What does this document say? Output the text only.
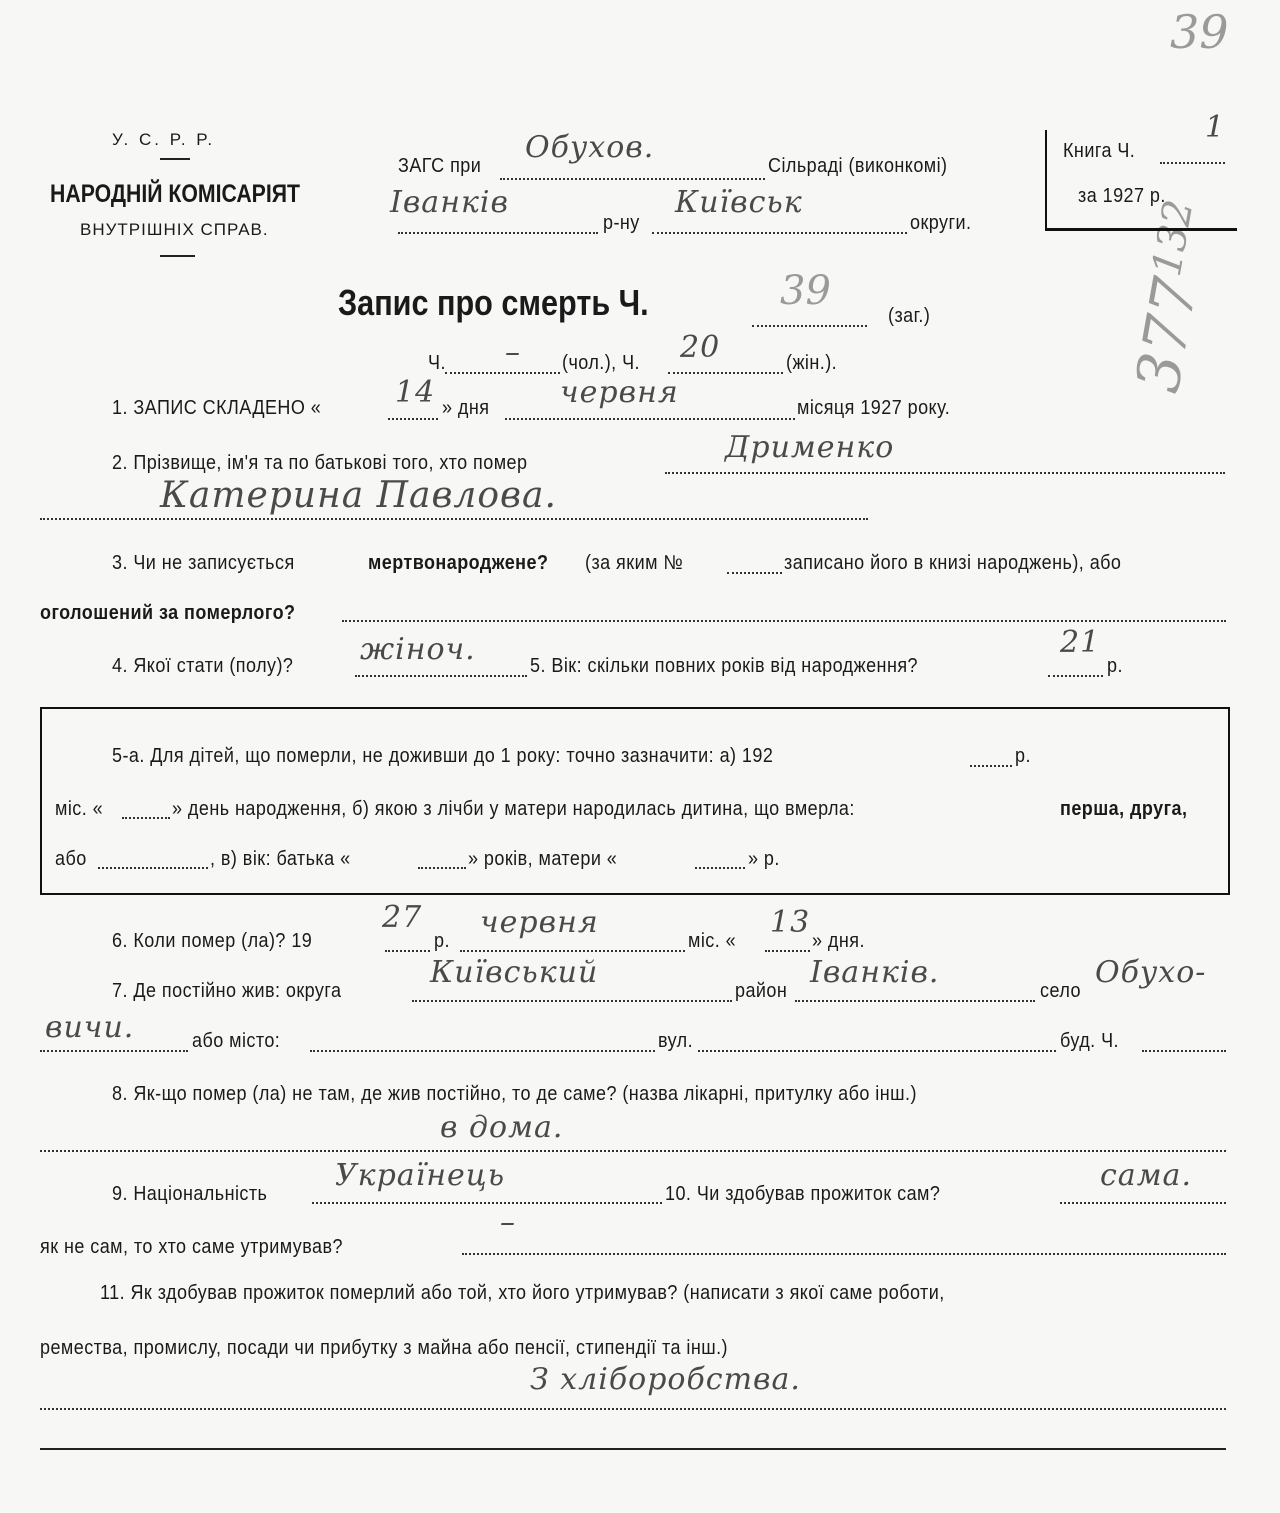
39
132
377
У. С. Р. Р.
НАРОДНІЙ КОМІСАРІЯТ
ВНУТРІШНІХ СПРАВ.
ЗАГС при
Обухов.
Сільраді (виконкомі)
Іванків
р-ну
Київськ
округи.
Книга Ч.
1
за 1927 р.
Запис про смерть Ч.	39
(заг.)
Ч. – (чол.), Ч. 20	(жін.).
1. ЗАПИС СКЛАДЕНО « 14 » дня червня	місяця 1927 року.
2. Прізвище, ім'я та по батькові того, хто помер	Дрименко
Катерина Павлова.
3. Чи не записується	мертвонароджене? (за яким №	записано його в книзі народжень), або
оголошений за померлого?
4. Якої стати (полу)? жіноч.	5. Вік: скільки повних років від народження?
21
р.
5-а. Для дітей, що померли, не доживши до 1 року: точно зазначити: а) 192	р.
міс. «	» день народження, б) якою з лічби у матери народилась дитина, що вмерла:	перша, друга,
або	, в) вік: батька «	» років, матери «	» р.
6. Коли помер (ла)? 19
27
р.
червня
міс. «
13
» дня.
7. Де постійно жив: округа
Київський
район
Іванків.
село
Обухо-
вичи.	або місто:	вул.	буд. Ч.
8. Як-що помер (ла) не там, де жив постійно, то де саме? (назва лікарні, притулку або інш.)
в дома.
9. Національність
Українець
10. Чи здобував прожиток сам?
сама.
як не сам, то хто саме утримував?
–
11. Як здобував прожиток померлий або той, хто його утримував? (написати з якої саме роботи,
ремества, промислу, посади чи прибутку з майна або пенсії, стипендії та інш.)
З хліборобства.
